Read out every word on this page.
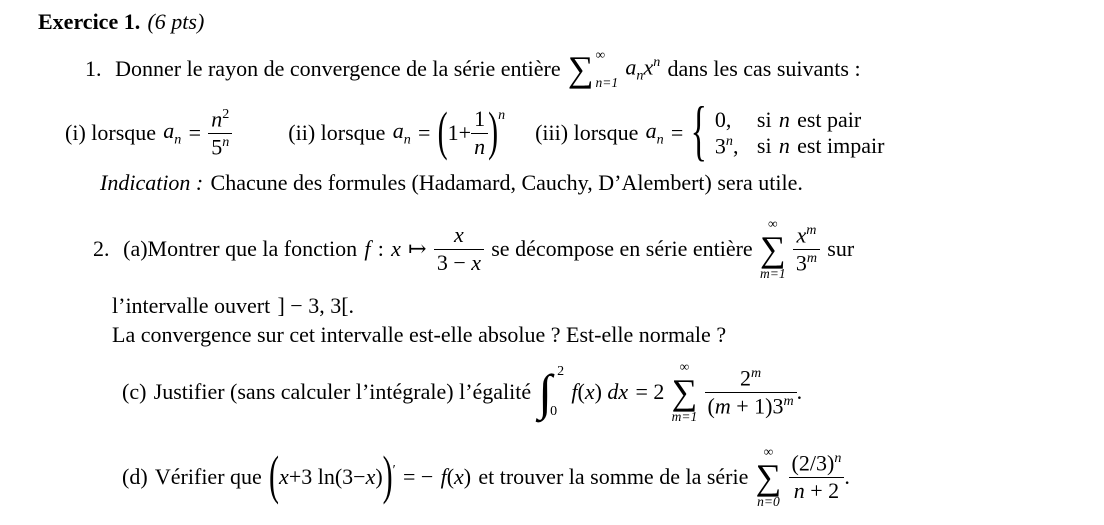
Exercice 1. (6 pts)
1. Donner le rayon de convergence de la série entière ∑ ∞
n=1
$a_nx^n$ dans les cas suivants :
(i) lorsque $a_n = \frac{n^2}{5^n}$	(ii) lorsque $a_n$ = ( $1+ \frac{1}{n}$ ) n
(iii) lorsque $a_n$ = { 0,	si n est pair
3$^n$, si n est impair
Indication : Chacune des formules (Hadamard, Cauchy, D’Alembert) sera utile.
2. (a) Montrer que la fonction f : x ↦ $\frac{x}{3 - x}$ se décompose en série entière
∞
∑
$m=1 \frac{x^m}{3^m}$ sur
l’intervalle ouvert ] − 3, 3[.
La convergence sur cet intervalle est-elle absolue ? Est-elle normale ?
(c) Justifier (sans calculer l’intégrale) l’égalité ∫ 2
0
f(x) dx = 2
∞
∑
$m=1 \frac{2^m}{(m + 1)3^m}$ .
(d) Vérifier que ( x +3 ln(3− x ) ) ′ = − f(x) et trouver la somme de la série
∞
∑
$n=0 \frac{(2/3)^n}{n + 2}$ .
